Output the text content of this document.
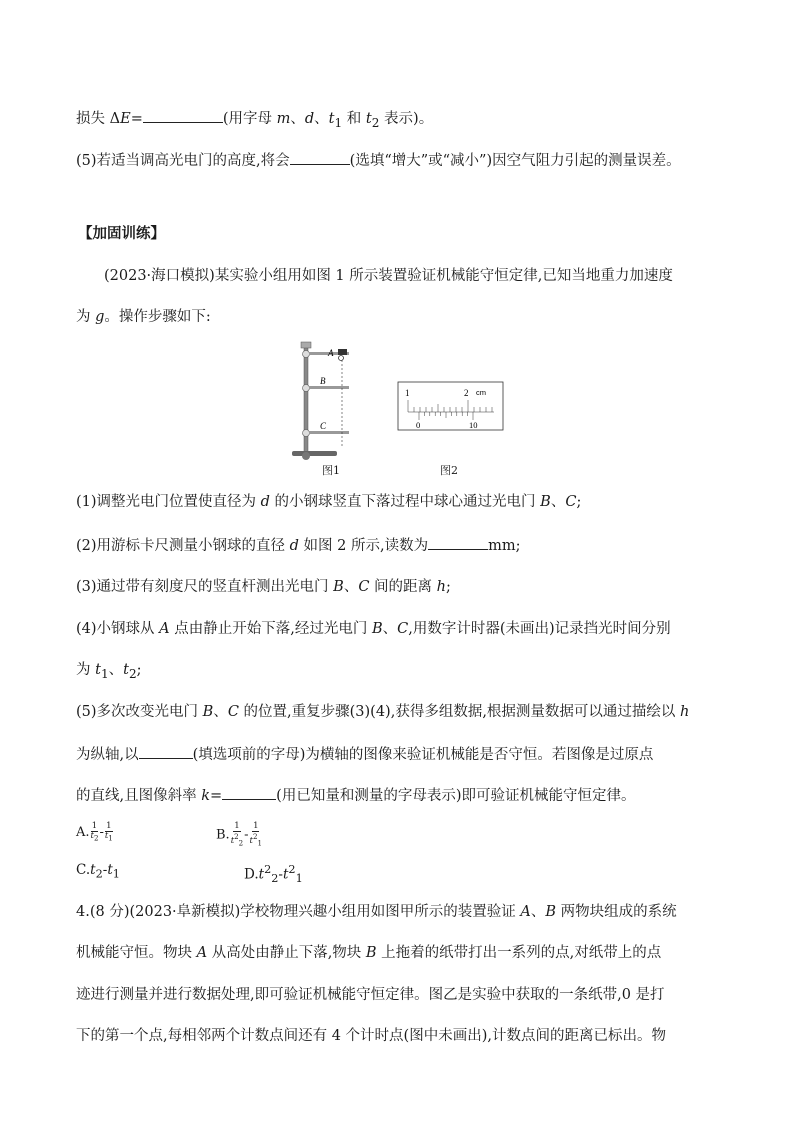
损失 ΔE=	(用字母 m、d、$t_1$ 和 $t_2$ 表示)。
(5)若适当调高光电门的高度,将会	(选填“增大”或“减小”)因空气阻力引起的测量误差。
【加固训练】
(2023·海口模拟)某实验小组用如图 1 所示装置验证机械能守恒定律,已知当地重力加速度
为 g。操作步骤如下:
A
B
C
1	2 cm
0	10
图1	图2
(1)调整光电门位置使直径为 d 的小钢球竖直下落过程中球心通过光电门 B、C;
(2)用游标卡尺测量小钢球的直径 d 如图 2 所示,读数为	mm;
(3)通过带有刻度尺的竖直杆测出光电门 B、C 间的距离 h;
(4)小钢球从 A 点由静止开始下落,经过光电门 B、C,用数字计时器(未画出)记录挡光时间分别
为 $t_1$、$t_2$;
(5)多次改变光电门 B、C 的位置,重复步骤(3)(4),获得多组数据,根据测量数据可以通过描绘以 h
为纵轴,以	(填选项前的字母)为横轴的图像来验证机械能是否守恒。若图像是过原点
的直线,且图像斜率 k=	(用已知量和测量的字母表示)即可验证机械能守恒定律。
A. $\frac{1}{t_2} - \frac{1}{t_1}$	B. $\frac{1}{t^2_2} - \frac{1}{t^2_1}$
$C.t_2-t_1$	$D.t^2_2-t^2_1$
4.(8 分)(2023·阜新模拟)学校物理兴趣小组用如图甲所示的装置验证 A、B 两物块组成的系统
机械能守恒。物块 A 从高处由静止下落,物块 B 上拖着的纸带打出一系列的点,对纸带上的点
迹进行测量并进行数据处理,即可验证机械能守恒定律。图乙是实验中获取的一条纸带,0 是打
下的第一个点,每相邻两个计数点间还有 4 个计时点(图中未画出),计数点间的距离已标出。物
